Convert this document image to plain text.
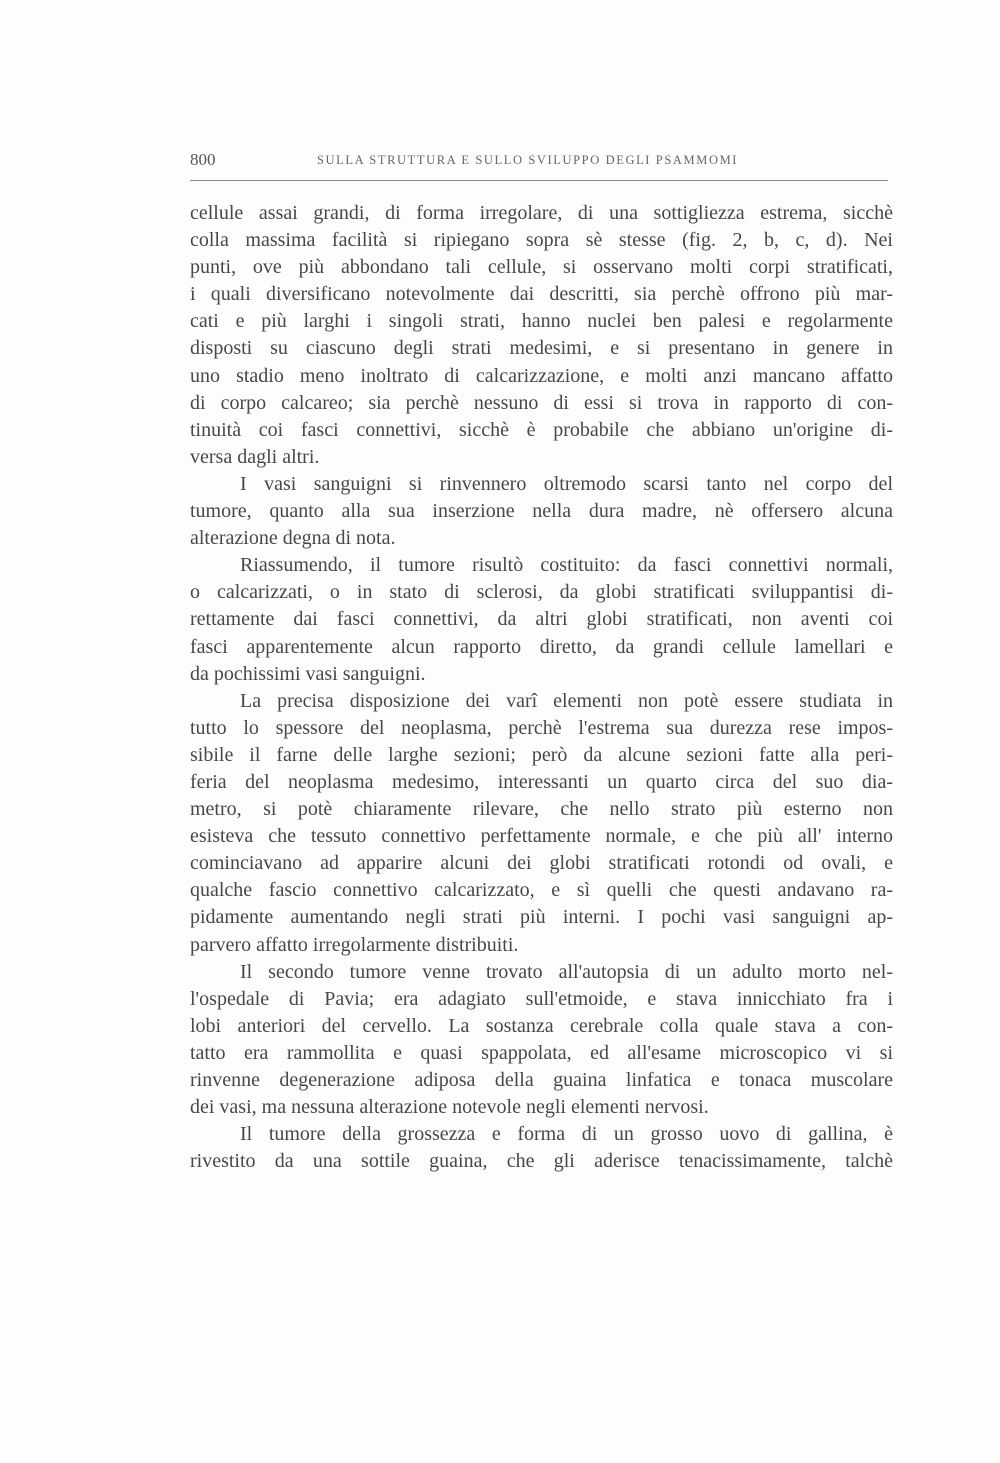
800	SULLA STRUTTURA E SULLO SVILUPPO DEGLI PSAMMOMI
cellule assai grandi, di forma irregolare, di una sottigliezza estrema, sicchè
colla massima facilità si ripiegano sopra sè stesse (fig. 2, b, c, d). Nei
punti, ove più abbondano tali cellule, si osservano molti corpi stratificati,
i quali diversificano notevolmente dai descritti, sia perchè offrono più mar-
cati e più larghi i singoli strati, hanno nuclei ben palesi e regolarmente
disposti su ciascuno degli strati medesimi, e si presentano in genere in
uno stadio meno inoltrato di calcarizzazione, e molti anzi mancano affatto
di corpo calcareo; sia perchè nessuno di essi si trova in rapporto di con-
tinuità coi fasci connettivi, sicchè è probabile che abbiano un'origine di-
versa dagli altri.
I vasi sanguigni si rinvennero oltremodo scarsi tanto nel corpo del
tumore, quanto alla sua inserzione nella dura madre, nè offersero alcuna
alterazione degna di nota.
Riassumendo, il tumore risultò costituito: da fasci connettivi normali,
o calcarizzati, o in stato di sclerosi, da globi stratificati sviluppantisi di-
rettamente dai fasci connettivi, da altri globi stratificati, non aventi coi
fasci apparentemente alcun rapporto diretto, da grandi cellule lamellari e
da pochissimi vasi sanguigni.
La precisa disposizione dei varî elementi non potè essere studiata in
tutto lo spessore del neoplasma, perchè l'estrema sua durezza rese impos-
sibile il farne delle larghe sezioni; però da alcune sezioni fatte alla peri-
feria del neoplasma medesimo, interessanti un quarto circa del suo dia-
metro, si potè chiaramente rilevare, che nello strato più esterno non
esisteva che tessuto connettivo perfettamente normale, e che più all' interno
cominciavano ad apparire alcuni dei globi stratificati rotondi od ovali, e
qualche fascio connettivo calcarizzato, e sì quelli che questi andavano ra-
pidamente aumentando negli strati più interni. I pochi vasi sanguigni ap-
parvero affatto irregolarmente distribuiti.
Il secondo tumore venne trovato all'autopsia di un adulto morto nel-
l'ospedale di Pavia; era adagiato sull'etmoide, e stava innicchiato fra i
lobi anteriori del cervello. La sostanza cerebrale colla quale stava a con-
tatto era rammollita e quasi spappolata, ed all'esame microscopico vi si
rinvenne degenerazione adiposa della guaina linfatica e tonaca muscolare
dei vasi, ma nessuna alterazione notevole negli elementi nervosi.
Il tumore della grossezza e forma di un grosso uovo di gallina, è
rivestito da una sottile guaina, che gli aderisce tenacissimamente, talchè
